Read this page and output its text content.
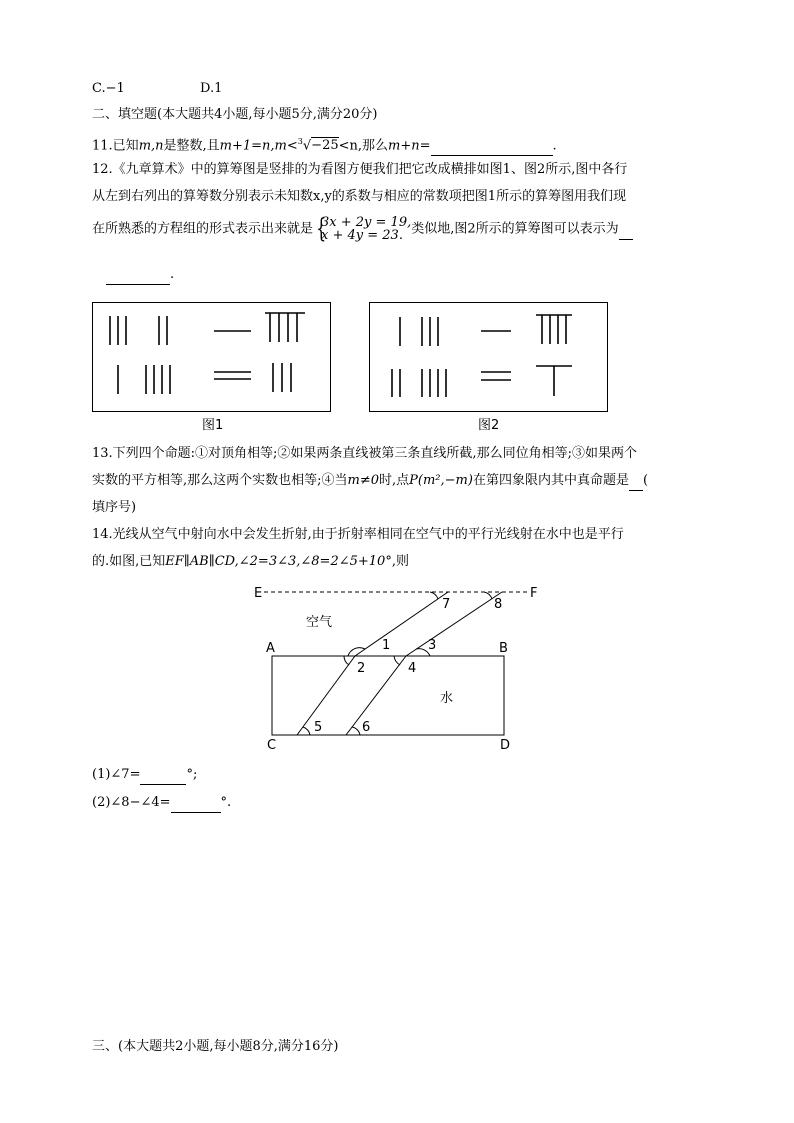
C.−1	D.1
二、填空题(本大题共4小题,每小题5分,满分20分)
11.已知m,n是整数,且m+1=n,m<$^3$√−25<n,那么m+n=	.
12.《九章算术》中的算筹图是竖排的为看图方便我们把它改成横排如图1、图2所示,图中各行
从左到右列出的算筹数分别表示未知数x,y的系数与相应的常数项把图1所示的算筹图用我们现
在所熟悉的方程组的形式表示出来就是 {
3x + 2y = 19,
x + 4y = 23. 类似地,图2所示的算筹图可以表示为
.
图1	图2
13.下列四个命题:①对顶角相等;②如果两条直线被第三条直线所截,那么同位角相等;③如果两个
实数的平方相等,那么这两个实数也相等;④当m≠0时,点P(m²,−m)在第四象限内其中真命题是 (
填序号)
14.光线从空气中射向水中会发生折射,由于折射率相同在空气中的平行光线射在水中也是平行
的.如图,已知EF∥AB∥CD,∠2=3∠3,∠8=2∠5+10°,则
E	F
A	B
C	D
空气
水
1
2
3
4
5	6
7	8
(1)∠7=	°;
(2)∠8−∠4=	°.
三、(本大题共2小题,每小题8分,满分16分)
